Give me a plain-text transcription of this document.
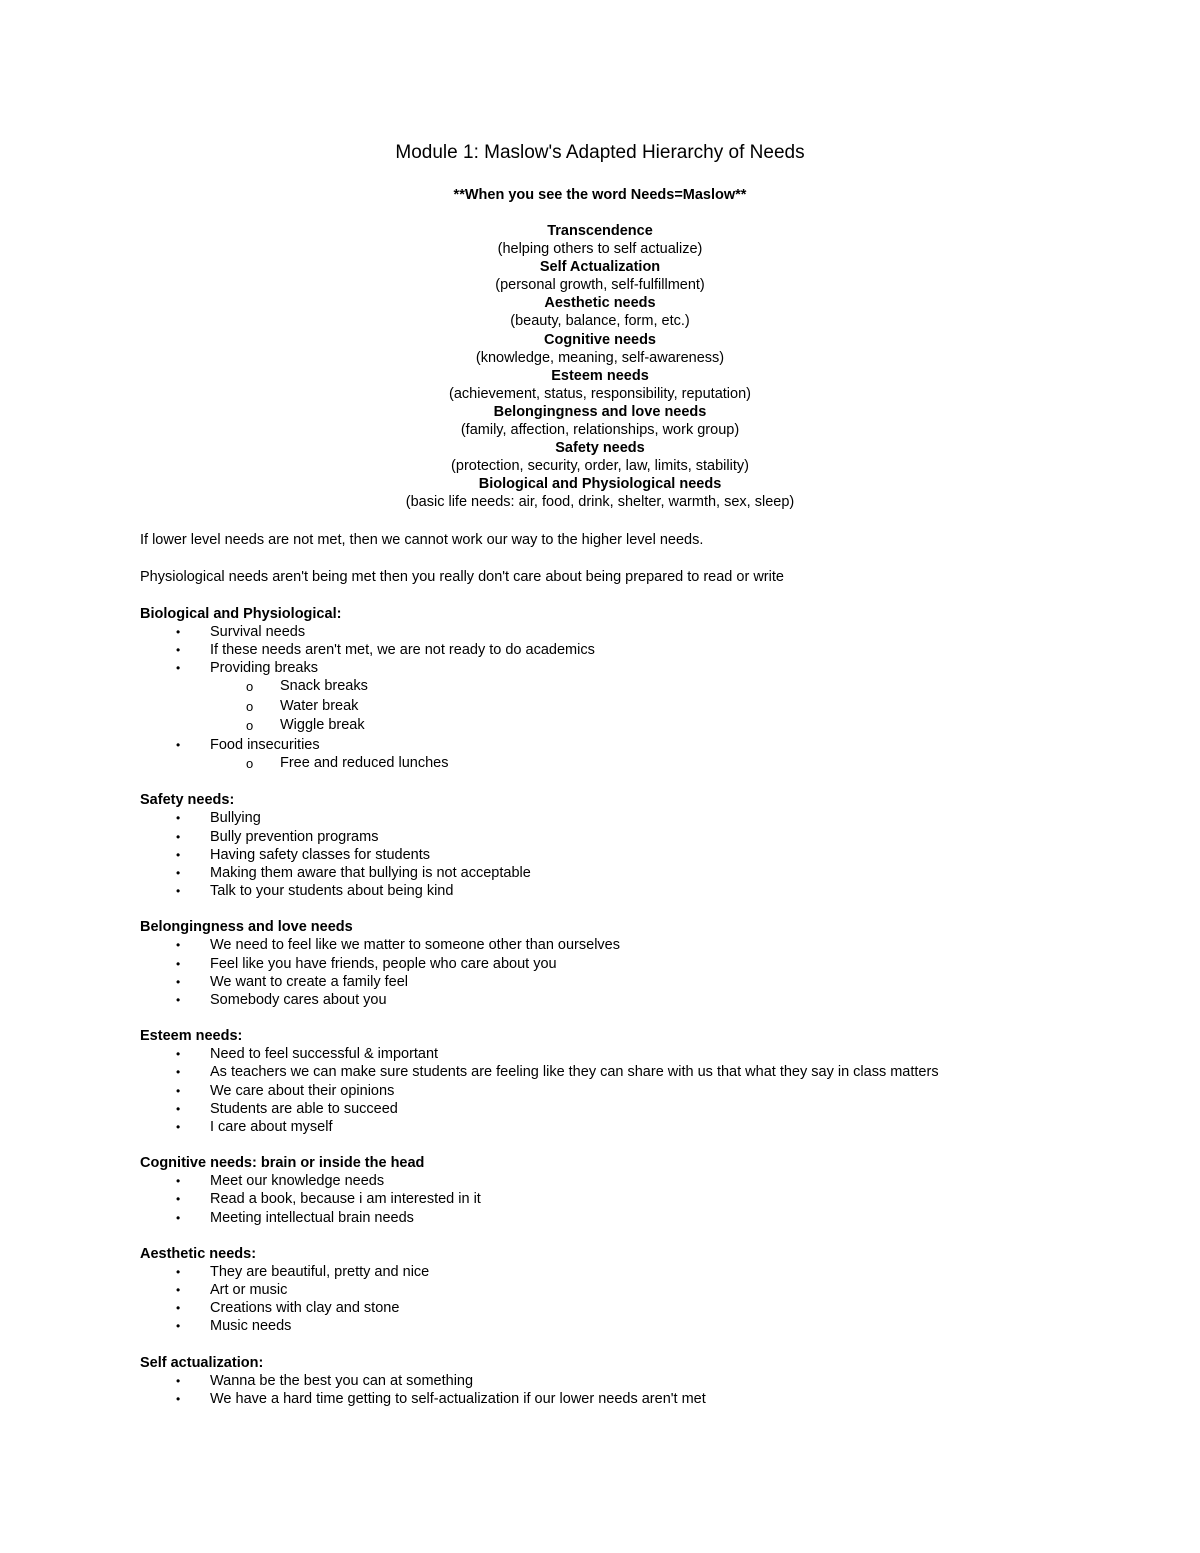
Module 1: Maslow's Adapted Hierarchy of Needs

**When you see the word Needs=Maslow**

Transcendence
(helping others to self actualize)
Self Actualization
(personal growth, self-fulfillment)
Aesthetic needs
(beauty, balance, form, etc.)
Cognitive needs
(knowledge, meaning, self-awareness)
Esteem needs
(achievement, status, responsibility, reputation)
Belongingness and love needs
(family, affection, relationships, work group)
Safety needs
(protection, security, order, law, limits, stability)
Biological and Physiological needs
(basic life needs: air, food, drink, shelter, warmth, sex, sleep)

If lower level needs are not met, then we cannot work our way to the higher level needs.

Physiological needs aren't being met then you really don't care about being prepared to read or write

Biological and Physiological:

• Survival needs
• If these needs aren't met, we are not ready to do academics
• Providing breaks
o Snack breaks
o Water break
o Wiggle break
• Food insecurities
o Free and reduced lunches

Safety needs:

• Bullying
• Bully prevention programs
• Having safety classes for students
• Making them aware that bullying is not acceptable
• Talk to your students about being kind

Belongingness and love needs

• We need to feel like we matter to someone other than ourselves
• Feel like you have friends, people who care about you
• We want to create a family feel
• Somebody cares about you

Esteem needs:

• Need to feel successful & important
• As teachers we can make sure students are feeling like they can share with us that what they say in class matters
• We care about their opinions
• Students are able to succeed
• I care about myself

Cognitive needs: brain or inside the head

• Meet our knowledge needs
• Read a book, because i am interested in it
• Meeting intellectual brain needs

Aesthetic needs:

• They are beautiful, pretty and nice
• Art or music
• Creations with clay and stone
• Music needs

Self actualization:

• Wanna be the best you can at something
• We have a hard time getting to self-actualization if our lower needs aren't met
